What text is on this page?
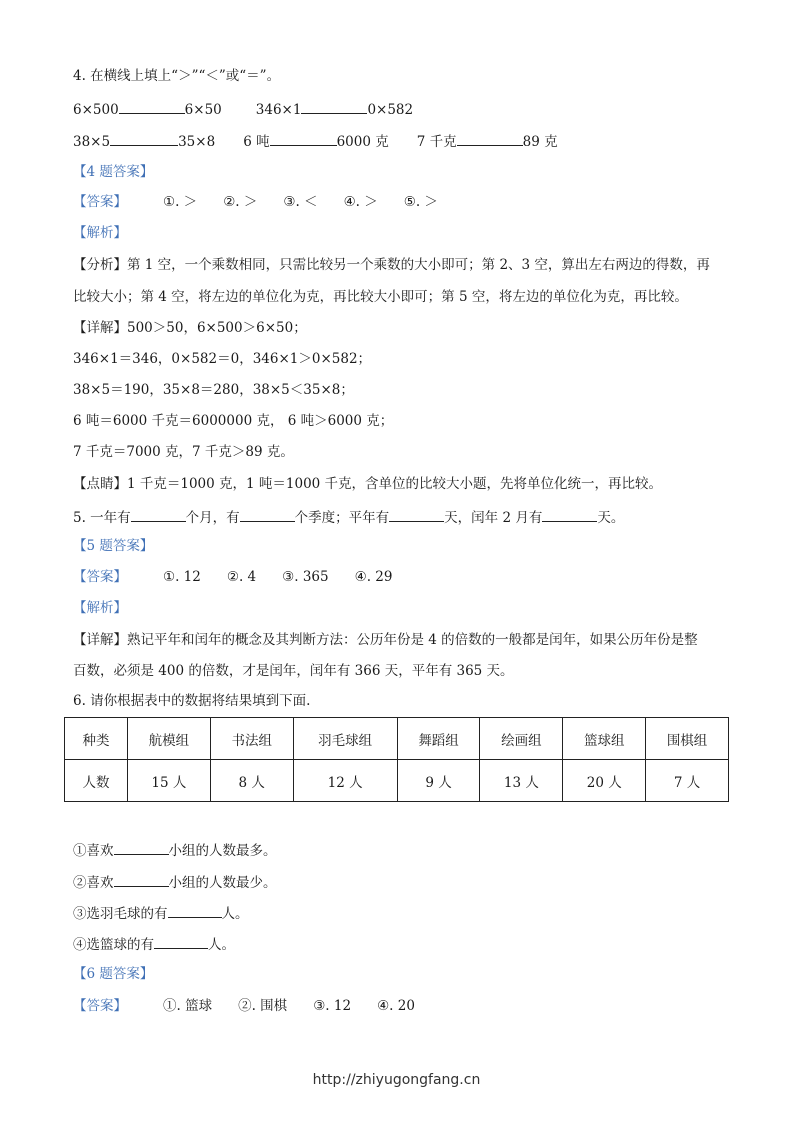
4. 在横线上填上“＞”“＜”或“＝”。
6×500	6×50	346×1	0×582
38×5	35×8 6 吨	6000 克 7 千克	89 克
【4 题答案】
【答案】	①. ＞ ②. ＞ ③. ＜ ④. ＞ ⑤. ＞
【解析】
【分析】第 1 空，一个乘数相同，只需比较另一个乘数的大小即可；第 2、3 空，算出左右两边的得数，再
比较大小；第 4 空，将左边的单位化为克，再比较大小即可；第 5 空，将左边的单位化为克，再比较。
【详解】500＞50，6×500＞6×50；
346×1＝346，0×582＝0，346×1＞0×582；
38×5＝190，35×8＝280，38×5＜35×8；
6 吨＝6000 千克＝6000000 克， 6 吨＞6000 克；
7 千克＝7000 克，7 千克＞89 克。
【点睛】1 千克＝1000 克，1 吨＝1000 千克，含单位的比较大小题，先将单位化统一，再比较。
5. 一年有	个月，有	个季度；平年有	天，闰年 2 月有	天。
【5 题答案】
【答案】	①. 12 ②. 4 ③. 365 ④. 29
【解析】
【详解】熟记平年和闰年的概念及其判断方法：公历年份是 4 的倍数的一般都是闰年，如果公历年份是整
百数，必须是 400 的倍数，才是闰年，闰年有 366 天，平年有 365 天。
6. 请你根据表中的数据将结果填到下面.
种类	航模组	书法组	羽毛球组	舞蹈组	绘画组	篮球组	围棋组
人数	15 人	8 人	12 人	9 人	13 人	20 人	7 人
①喜欢	小组的人数最多。
②喜欢	小组的人数最少。
③选羽毛球的有	人。
④选篮球的有	人。
【6 题答案】
【答案】	①. 篮球 ②. 围棋 ③. 12 ④. 20
http://zhiyugongfang.cn
